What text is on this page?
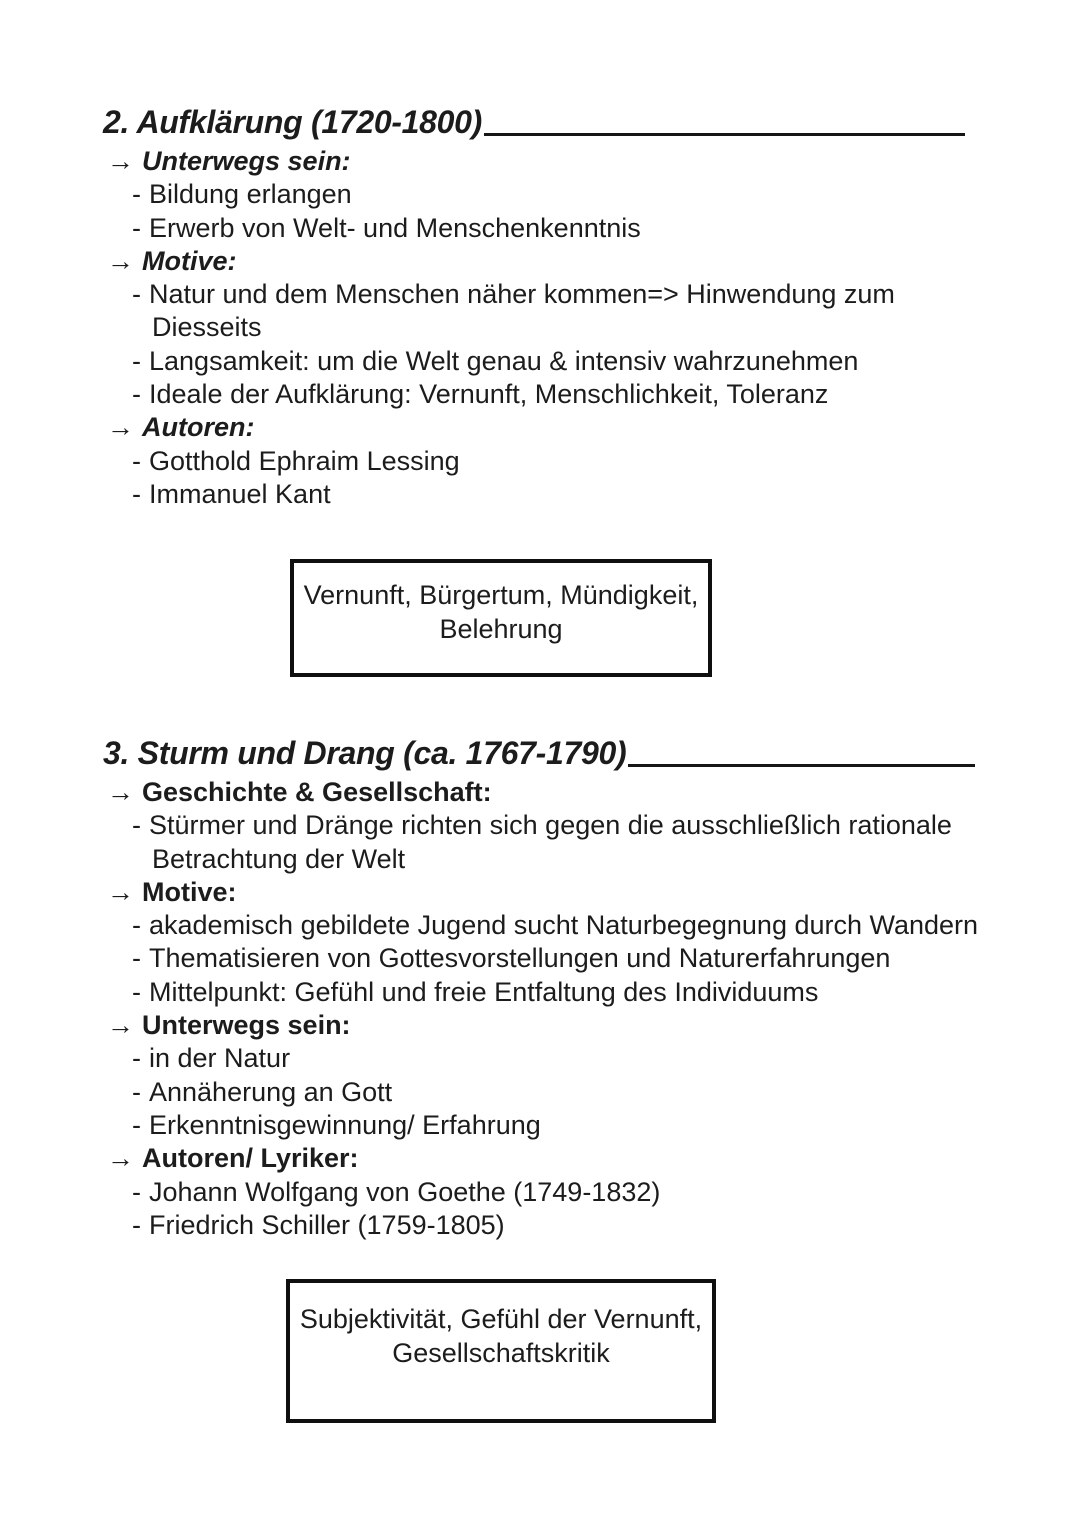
2. Aufklärung (1720-1800)
→ Unterwegs sein:
- Bildung erlangen
- Erwerb von Welt- und Menschenkenntnis
→ Motive:
- Natur und dem Menschen näher kommen=> Hinwendung zum
Diesseits
- Langsamkeit: um die Welt genau & intensiv wahrzunehmen
- Ideale der Aufklärung: Vernunft, Menschlichkeit, Toleranz
→ Autoren:
- Gotthold Ephraim Lessing
- Immanuel Kant
Vernunft, Bürgertum, Mündigkeit,
Belehrung
3. Sturm und Drang (ca. 1767-1790)
→ Geschichte & Gesellschaft:
- Stürmer und Dränge richten sich gegen die ausschließlich rationale
Betrachtung der Welt
→ Motive:
- akademisch gebildete Jugend sucht Naturbegegnung durch Wandern
- Thematisieren von Gottesvorstellungen und Naturerfahrungen
- Mittelpunkt: Gefühl und freie Entfaltung des Individuums
→ Unterwegs sein:
- in der Natur
- Annäherung an Gott
- Erkenntnisgewinnung/ Erfahrung
→ Autoren/ Lyriker:
- Johann Wolfgang von Goethe (1749-1832)
- Friedrich Schiller (1759-1805)
Subjektivität, Gefühl der Vernunft,
Gesellschaftskritik
